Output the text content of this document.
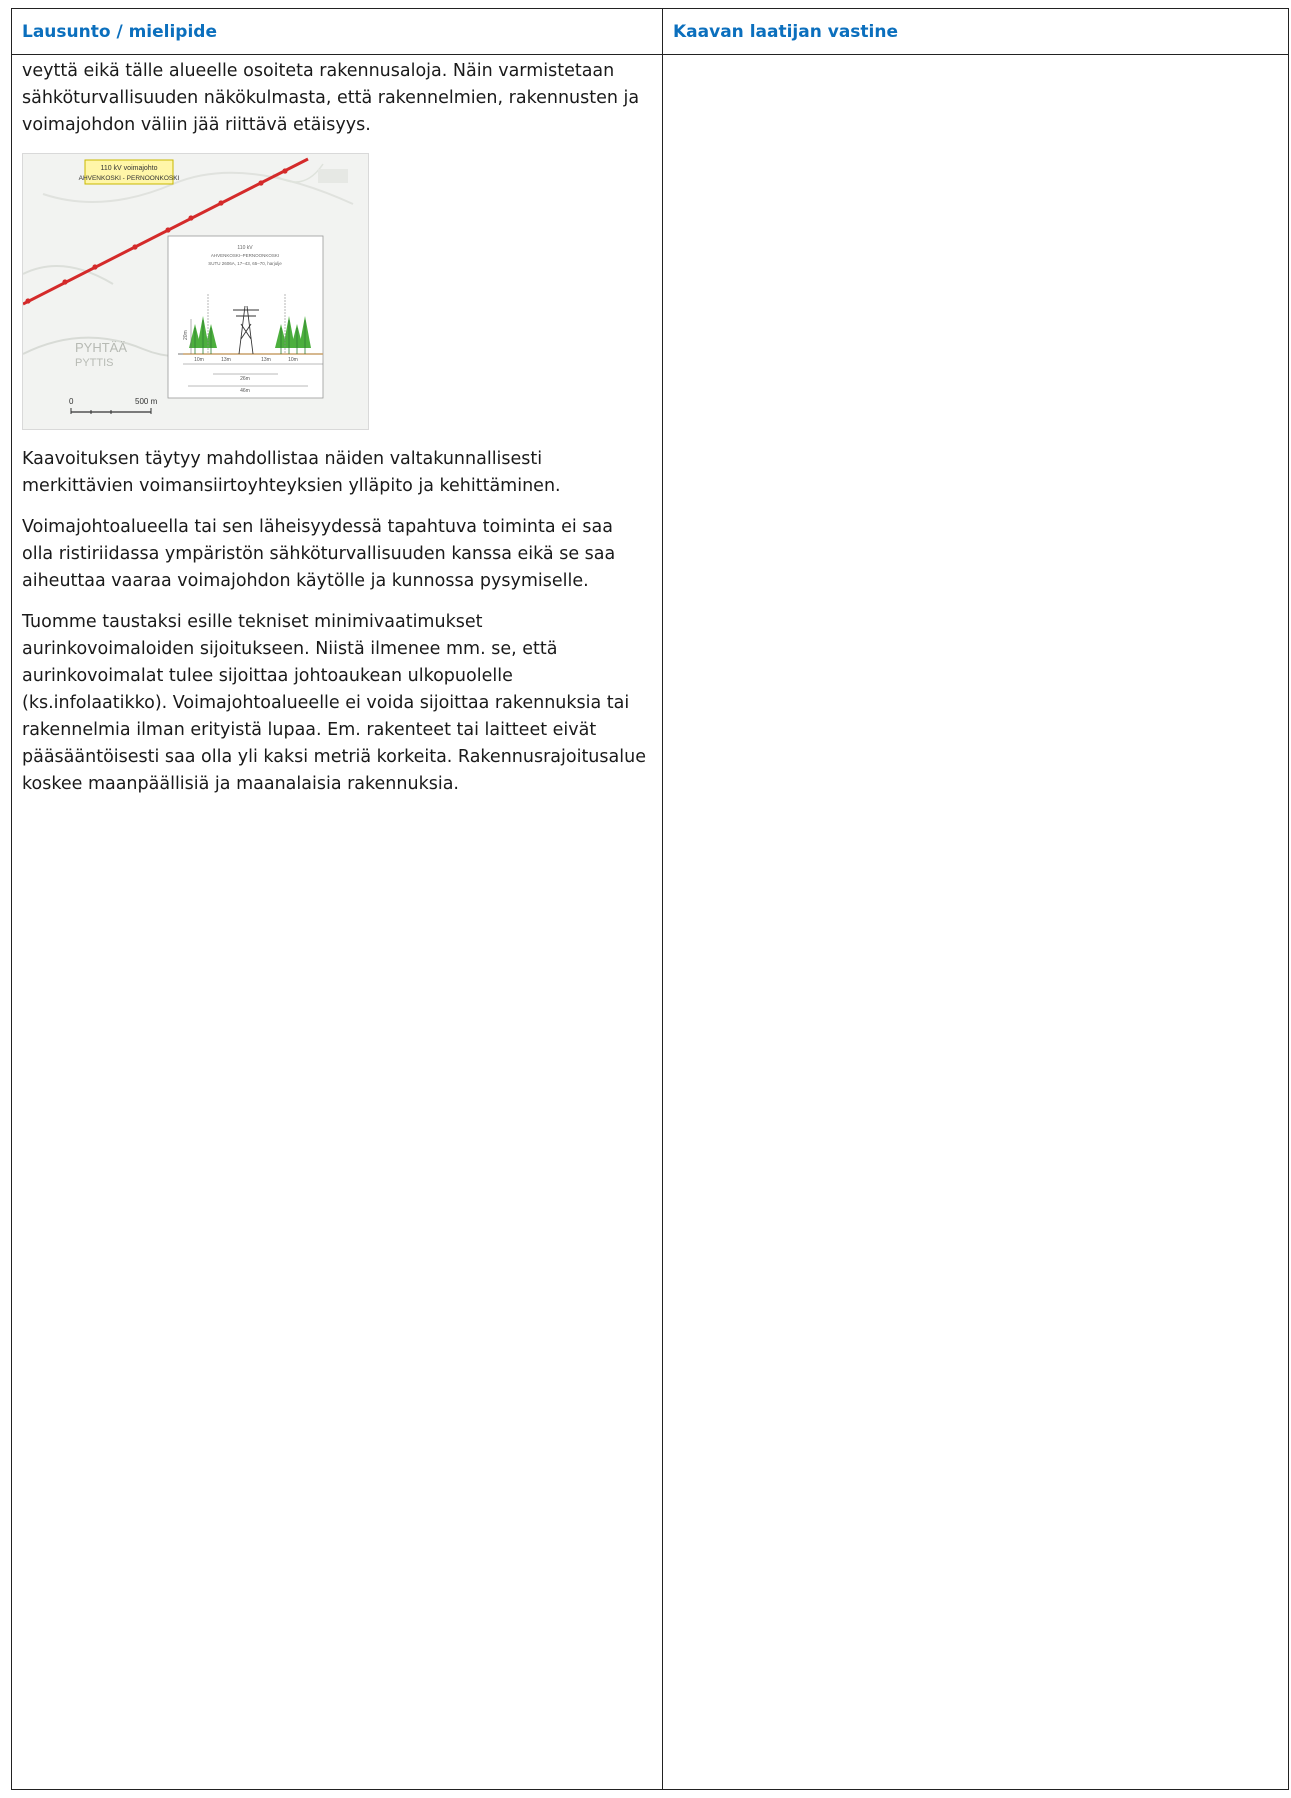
Lausunto / mielipide	Kaavan laatijan vastine

veyttä eikä tälle alueelle osoiteta rakennusaloja. Näin varmistetaan sähköturvallisuuden näkökulmasta, että rakennelmien, rakennusten ja voimajohdon väliin jää riittävä etäisyys.

110 kV voimajohto
AHVENKOSKI - PERNOONKOSKI
PYHTÄÄ
PYTTIS
0	500 m
110 kV
AHVENKOSKI–PERNOONKOSKI
SUTU 2606A, 17–43, 65–70, harjulje
20m
10m	13m	13m	10m
26m
46m

Kaavoituksen täytyy mahdollistaa näiden valtakunnallisesti merkittävien voimansiirtoyhteyksien ylläpito ja kehittäminen.

Voimajohtoalueella tai sen läheisyydessä tapahtuva toiminta ei saa olla ristiriidassa ympäristön sähköturvallisuuden kanssa eikä se saa aiheuttaa vaaraa voimajohdon käytölle ja kunnossa pysymiselle.

Tuomme taustaksi esille tekniset minimivaatimukset aurinkovoimaloiden sijoitukseen. Niistä ilmenee mm. se, että aurinkovoimalat tulee sijoittaa johtoaukean ulkopuolelle (ks.infolaatikko). Voimajohtoalueelle ei voida sijoittaa rakennuksia tai rakennelmia ilman erityistä lupaa. Em. rakenteet tai laitteet eivät pääsääntöisesti saa olla yli kaksi metriä korkeita. Rakennusrajoitusalue koskee maanpäällisiä ja maanalaisia rakennuksia.
